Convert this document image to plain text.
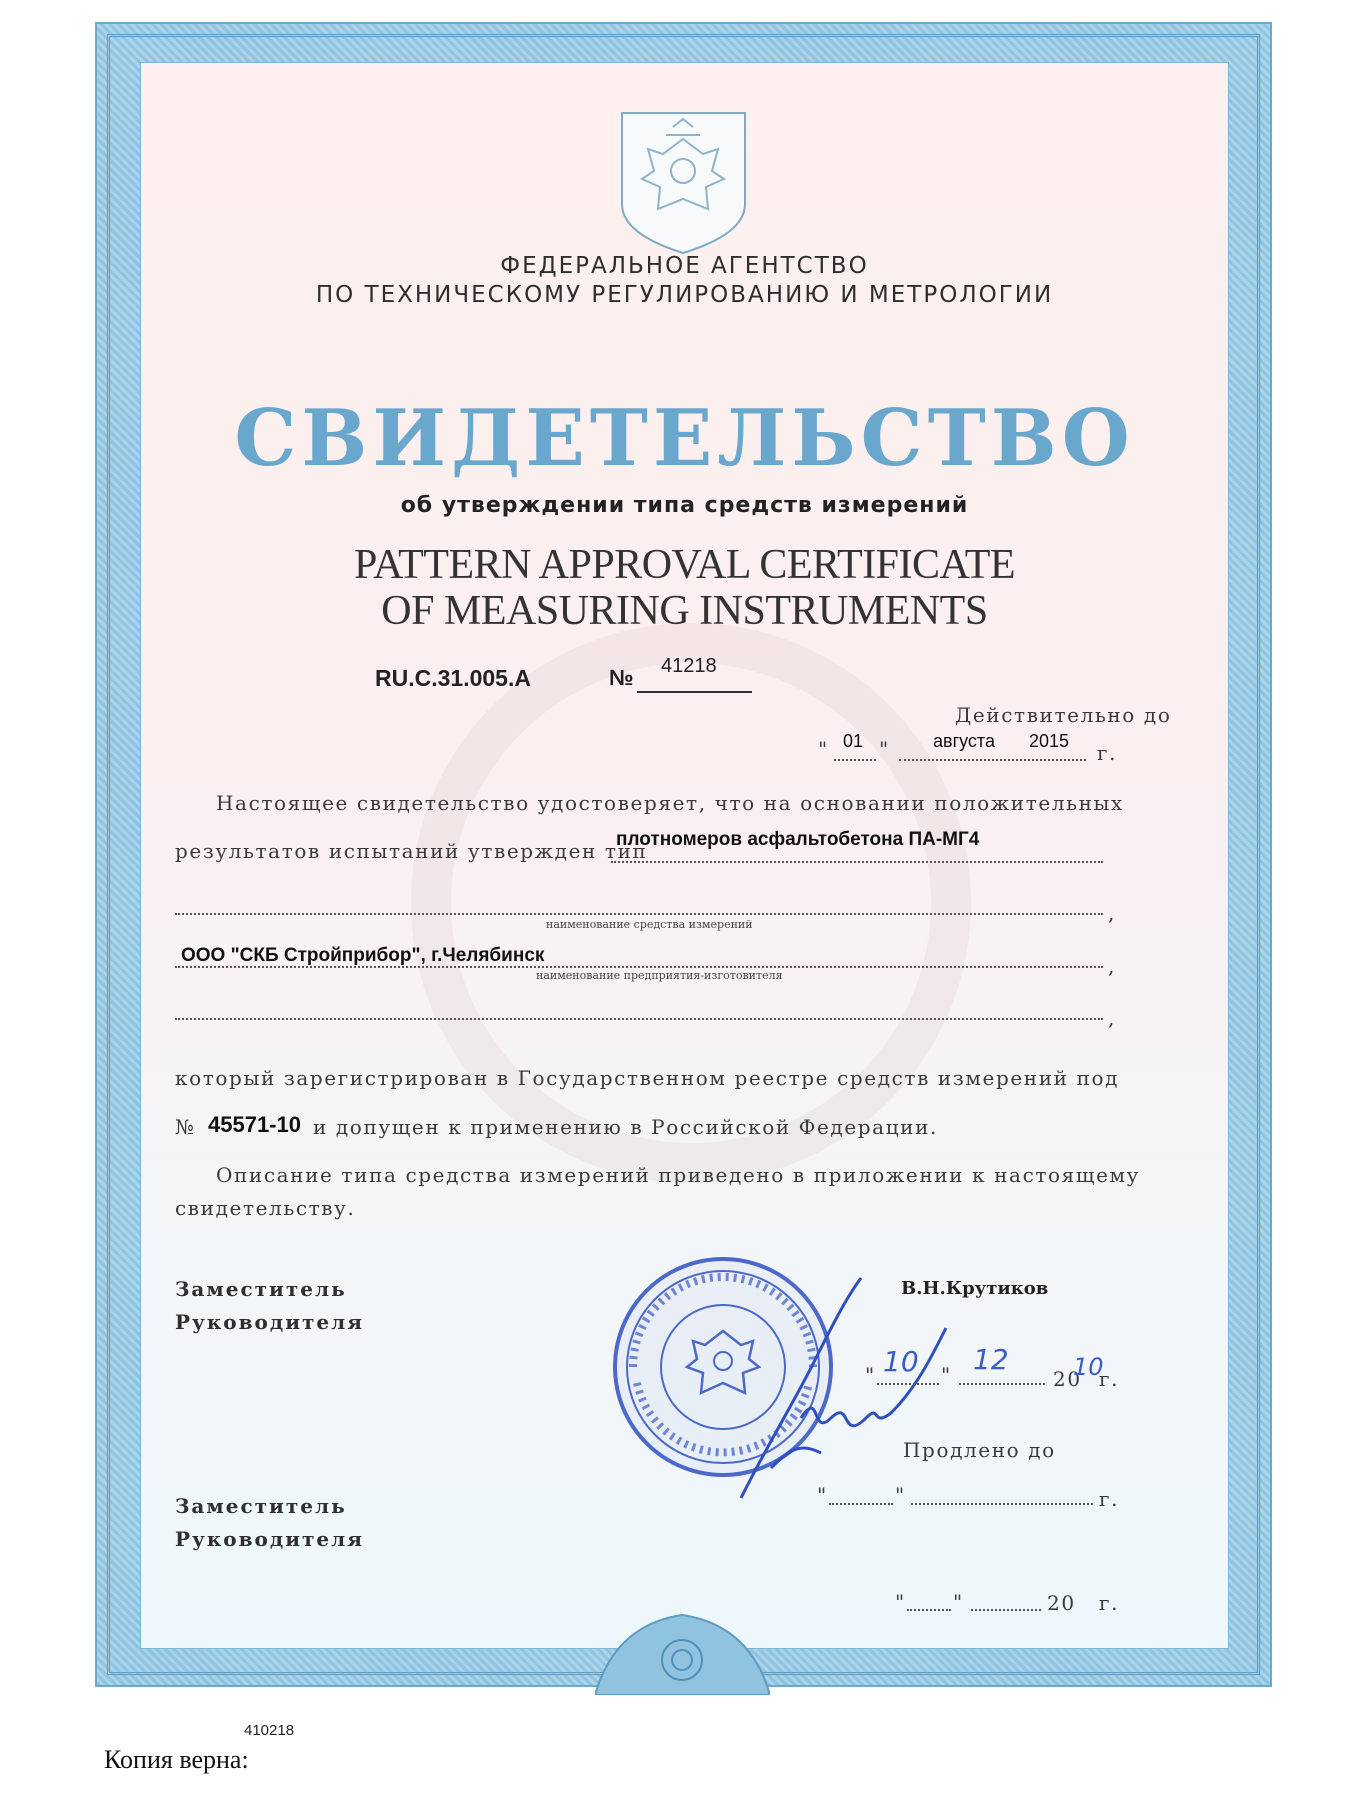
ФЕДЕРАЛЬНОЕ АГЕНТСТВО
ПО ТЕХНИЧЕСКОМУ РЕГУЛИРОВАНИЮ И МЕТРОЛОГИИ
СВИДЕТЕЛЬСТВО
об утверждении типа средств измерений
PATTERN APPROVAL CERTIFICATE
OF MEASURING INSTRUMENTS
RU.C.31.005.A	№ 41218
Действительно до
" 01 " августа 2015 г.
Настоящее свидетельство удостоверяет, что на основании положительных
результатов испытаний утвержден тип
плотномеров асфальтобетона ПА-МГ4
,
наименование средства измерений
,
ООО "СКБ Стройприбор", г.Челябинск
наименование предприятия-изготовителя
,
который зарегистрирован в Государственном реестре средств измерений под
№ 45571-10 и допущен к применению в Российской Федерации.
Описание типа средства измерений приведено в приложении к настоящему
свидетельству.
Заместитель
Руководителя
В.Н.Крутиков
" 10 " 12
20
10
г.
Продлено до
"	"	г.
Заместитель
Руководителя
" "	20 г.
410218
Копия верна:
